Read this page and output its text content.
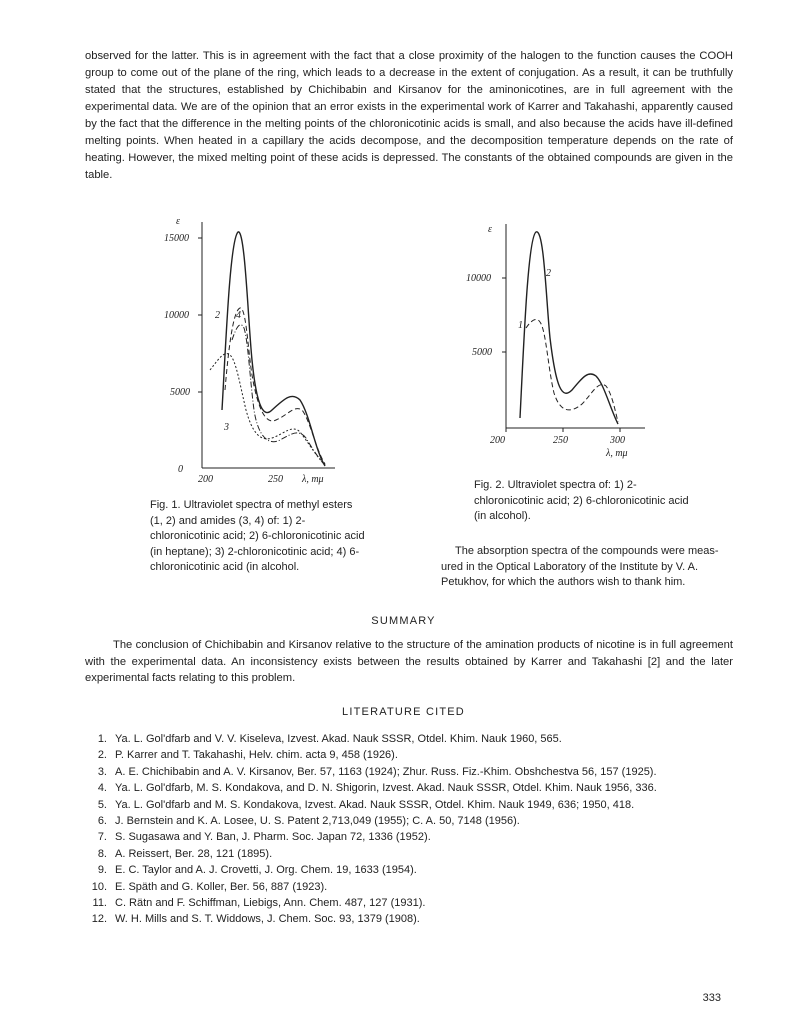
observed for the latter. This is in agreement with the fact that a close proximity of the halogen to the function causes the COOH group to come out of the plane of the ring, which leads to a decrease in the extent of conjugation. As a result, it can be truthfully stated that the structures, established by Chichibabin and Kirsanov for the aminonicotines, are in full agreement with the experimental data. We are of the opinion that an error exists in the experimental work of Karrer and Takahashi, apparently caused by the fact that the difference in the melting points of the chloronicotinic acids is small, and also because the acids have ill-defined melting points. When heated in a capillary the acids decompose, and the decomposition temperature depends on the rate of heating. However, the mixed melting point of these acids is depressed. The constants of the obtained compounds are given in the table.

ε
15000
10000
5000
0
200	250 λ, mμ
2 4
3
Fig. 1. Ultraviolet spectra of methyl esters (1, 2) and amides (3, 4) of: 1) 2-chloronicotinic acid; 2) 6-chloronicotinic acid (in heptane); 3) 2-chloronicotinic acid; 4) 6-chloronicotinic acid (in alcohol.
ε
10000
5000
200	250	300
λ, mμ
2
1
Fig. 2. Ultraviolet spectra of: 1) 2-chloronicotinic acid; 2) 6-chloronicotinic acid (in alcohol).
The absorption spectra of the compounds were measured in the Optical Laboratory of the Institute by V. A. Petukhov, for which the authors wish to thank him.
SUMMARY

The conclusion of Chichibabin and Kirsanov relative to the structure of the amination products of nicotine is in full agreement with the experimental data. An inconsistency exists between the results obtained by Karrer and Takahashi [2] and the later experimental facts relating to this problem.

LITERATURE CITED
1. Ya. L. Gol'dfarb and V. V. Kiseleva, Izvest. Akad. Nauk SSSR, Otdel. Khim. Nauk 1960, 565.
2. P. Karrer and T. Takahashi, Helv. chim. acta 9, 458 (1926).
3. A. E. Chichibabin and A. V. Kirsanov, Ber. 57, 1163 (1924); Zhur. Russ. Fiz.-Khim. Obshchestva 56, 157 (1925).
4. Ya. L. Gol'dfarb, M. S. Kondakova, and D. N. Shigorin, Izvest. Akad. Nauk SSSR, Otdel. Khim. Nauk 1956, 336.
5. Ya. L. Gol'dfarb and M. S. Kondakova, Izvest. Akad. Nauk SSSR, Otdel. Khim. Nauk 1949, 636; 1950, 418.
6. J. Bernstein and K. A. Losee, U. S. Patent 2,713,049 (1955); C. A. 50, 7148 (1956).
7. S. Sugasawa and Y. Ban, J. Pharm. Soc. Japan 72, 1336 (1952).
8. A. Reissert, Ber. 28, 121 (1895).
9. E. C. Taylor and A. J. Crovetti, J. Org. Chem. 19, 1633 (1954).
10. E. Späth and G. Koller, Ber. 56, 887 (1923).
11. C. Rätn and F. Schiffman, Liebigs, Ann. Chem. 487, 127 (1931).
12. W. H. Mills and S. T. Widdows, J. Chem. Soc. 93, 1379 (1908).
333
